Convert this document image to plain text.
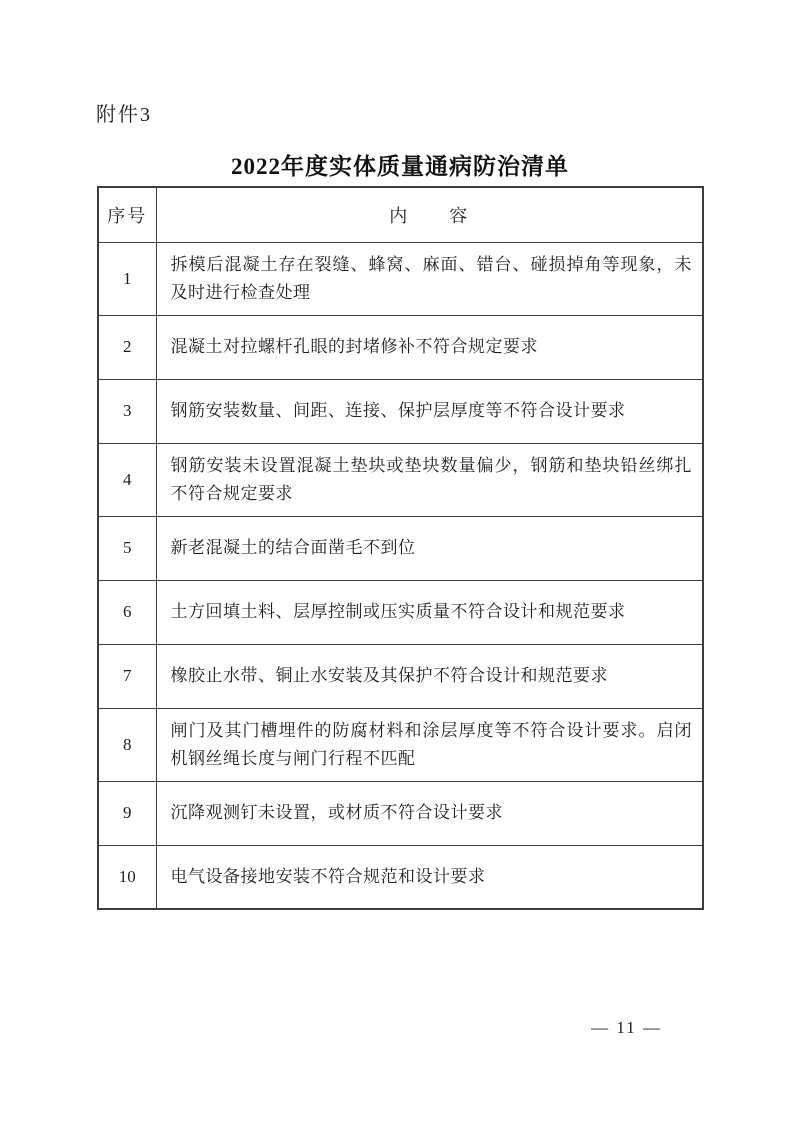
附件3
2022年度实体质量通病防治清单
序号	内　　容
1	拆模后混凝土存在裂缝、蜂窝、麻面、错台、碰损掉角等现象，未及时进行检查处理
2	混凝土对拉螺杆孔眼的封堵修补不符合规定要求
3	钢筋安装数量、间距、连接、保护层厚度等不符合设计要求
4	钢筋安装未设置混凝土垫块或垫块数量偏少，钢筋和垫块铅丝绑扎不符合规定要求
5	新老混凝土的结合面凿毛不到位
6	土方回填土料、层厚控制或压实质量不符合设计和规范要求
7	橡胶止水带、铜止水安装及其保护不符合设计和规范要求
8	闸门及其门槽埋件的防腐材料和涂层厚度等不符合设计要求。启闭机钢丝绳长度与闸门行程不匹配
9	沉降观测钉未设置，或材质不符合设计要求
10	电气设备接地安装不符合规范和设计要求
— 11 —
